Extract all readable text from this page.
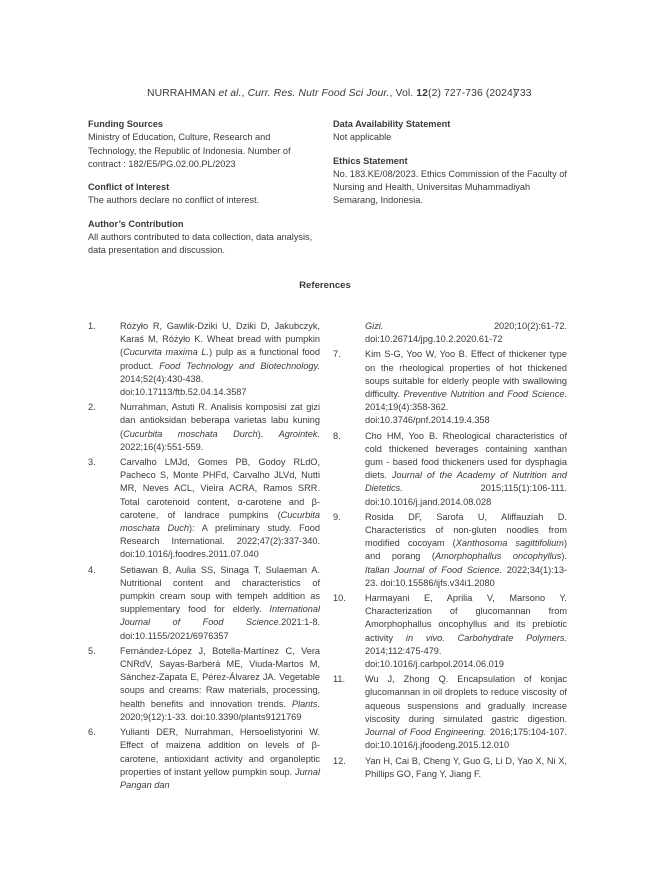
NURRAHMAN et al., Curr. Res. Nutr Food Sci Jour., Vol. 12(2) 727-736 (2024)
733

Funding Sources

Ministry of Education, Culture, Research and Technology, the Republic of Indonesia. Number of contract : 182/E5/PG.02.00.PL/2023

Conflict of Interest

The authors declare no conflict of interest.

Author’s Contribution

All authors contributed to data collection, data analysis, data presentation and discussion.

Data Availability Statement

Not applicable

Ethics Statement

No. 183.KE/08/2023. Ethics Commission of the Faculty of Nursing and Health, Universitas Muhammadiyah Semarang, Indonesia.

References
1.	Różyło R, Gawlik-Dziki U, Dziki D, Jakubczyk, Karaś M, Różyło K. Wheat bread with pumpkin (Cucurvita maxima L.) pulp as a functional food product. Food Technology and Biotechnology. 2014;52(4):430-438. doi:10.17113/ftb.52.04.14.3587
2.	Nurrahman, Astuti R. Analisis komposisi zat gizi dan antioksidan beberapa varietas labu kuning (Cucurbita moschata Durch). Agrointek. 2022;16(4):551-559.
3.	Carvalho LMJd, Gomes PB, Godoy RLdO, Pacheco S, Monte PHFd, Carvalho JLVd, Nutti MR, Neves ACL, Vieira ACRA, Ramos SRR. Total carotenoid content, α-carotene and β-carotene, of landrace pumpkins (Cucurbita moschata Duch): A preliminary study. Food Research International. 2022;47(2):337-340. doi:10.1016/j.foodres.2011.07.040
4.	Setiawan B, Aulia SS, Sinaga T, Sulaeman A. Nutritional content and characteristics of pumpkin cream soup with tempeh addition as supplementary food for elderly. International Journal of Food Science.2021:1-8. doi:10.1155/2021/6976357
5.	Fernández-López J, Botella-Martínez C, Vera CNRdV, Sayas-Barberá ME, Viuda-Martos M, Sánchez-Zapata E, Pérez-Álvarez JA. Vegetable soups and creams: Raw materials, processing, health benefits and innovation trends. Plants. 2020;9(12):1-33. doi:10.3390/plants9121769
6.	Yulianti DER, Nurrahman, Hersoelistyorini W. Effect of maizena addition on levels of β-carotene, antioxidant activity and organoleptic properties of instant yellow pumpkin soup. Jurnal Pangan dan
Gizi. 2020;10(2):61-72. doi:10.26714/jpg.10.2.2020.61-72
7.	Kim S-G, Yoo W, Yoo B. Effect of thickener type on the rheological properties of hot thickened soups suitable for elderly people with swallowing difficulty. Preventive Nutrition and Food Science. 2014;19(4):358-362. doi:10.3746/pnf.2014.19.4.358
8.	Cho HM, Yoo B. Rheological characteristics of cold thickened beverages containing xanthan gum - based food thickeners used for dysphagia diets. Journal of the Academy of Nutrition and Dietetics. 2015;115(1):106-111. doi:10.1016/j.jand.2014.08.028
9.	Rosida DF, Sarofa U, Aliffauziah D. Characteristics of non-gluten noodles from modified cocoyam (Xanthosoma sagittifolium) and porang (Amorphophallus oncophyllus). Italian Journal of Food Science. 2022;34(1):13-23. doi:10.15586/ijfs.v34i1.2080
10. Harmayani E, Aprilia V, Marsono Y. Characterization of glucomannan from Amorphophallus oncophyllus and its prebiotic activity in vivo. Carbohydrate Polymers. 2014;112:475-479. doi:10.1016/j.carbpol.2014.06.019
11. Wu J, Zhong Q. Encapsulation of konjac glucomannan in oil droplets to reduce viscosity of aqueous suspensions and gradually increase viscosity during simulated gastric digestion. Journal of Food Engineering. 2016;175:104-107. doi:10.1016/j.jfoodeng.2015.12.010
12. Yan H, Cai B, Cheng Y, Guo G, Li D, Yao X, Ni X, Phillips GO, Fang Y, Jiang F.
